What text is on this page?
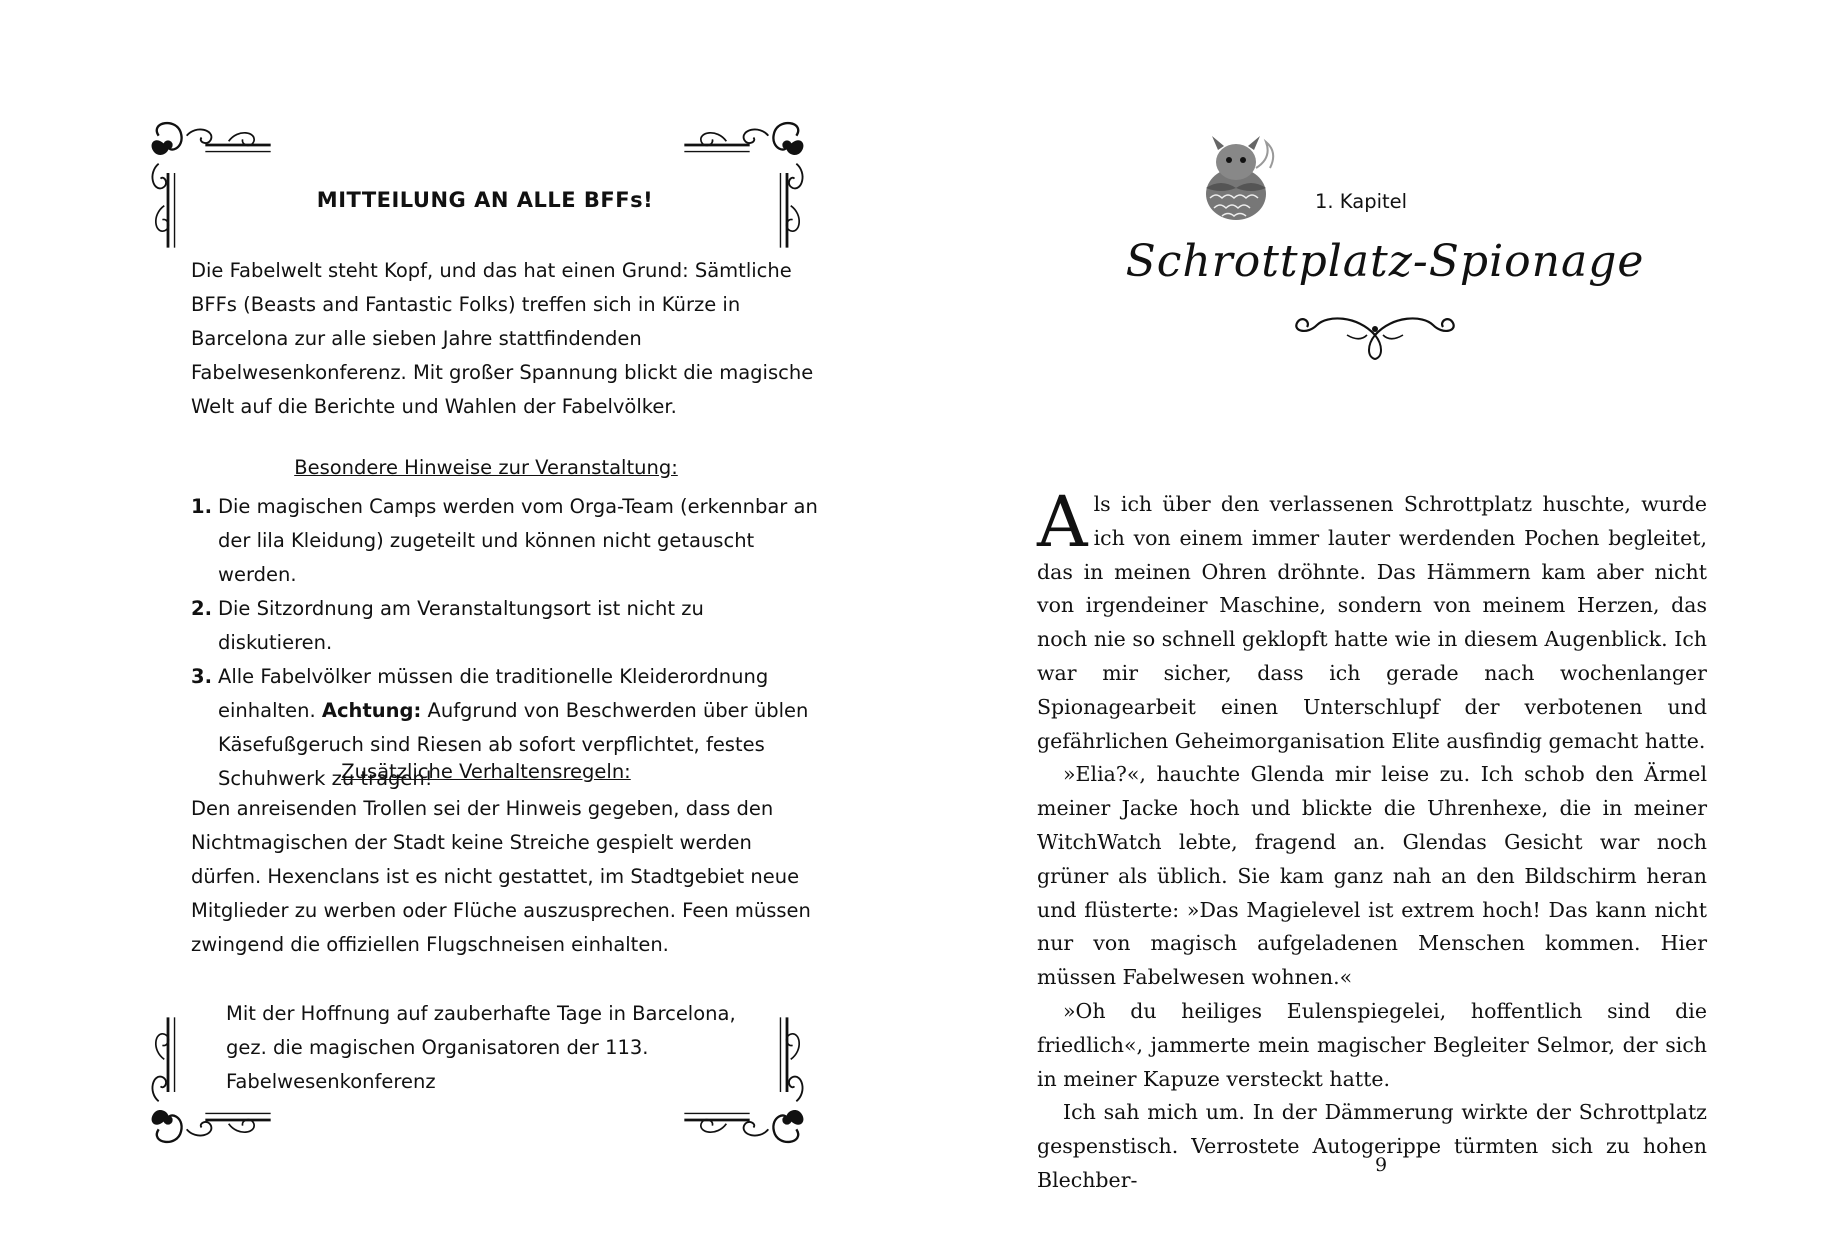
MITTEILUNG AN ALLE BFFs!

Die Fabelwelt steht Kopf, und das hat einen Grund: Sämtliche BFFs (Beasts and Fantastic Folks) treffen sich in Kürze in Barcelona zur alle sieben Jahre stattfindenden Fabelwesenkonferenz. Mit großer Spannung blickt die magische Welt auf die Berichte und Wahlen der Fabelvölker.

Besondere Hinweise zur Veranstaltung:
1. Die magischen Camps werden vom Orga-Team (erkennbar an der lila Kleidung) zugeteilt und können nicht getauscht werden.
2. Die Sitzordnung am Veranstaltungsort ist nicht zu diskutieren.
3. Alle Fabelvölker müssen die traditionelle Kleiderordnung einhalten. Achtung: Aufgrund von Beschwerden über üblen Käsefußgeruch sind Riesen ab sofort verpflichtet, festes Schuhwerk zu tragen!
Zusätzliche Verhaltensregeln:

Den anreisenden Trollen sei der Hinweis gegeben, dass den Nichtmagischen der Stadt keine Streiche gespielt werden dürfen. Hexenclans ist es nicht gestattet, im Stadtgebiet neue Mitglieder zu werben oder Flüche auszusprechen. Feen müssen zwingend die offiziellen Flugschneisen einhalten.

Mit der Hoffnung auf zauberhafte Tage in Barcelona, gez. die magischen Organisatoren der 113. Fabelwesenkonferenz
1. Kapitel
Schrottplatz-Spionage

Als ich über den verlassenen Schrottplatz huschte, wurde ich von einem immer lauter werdenden Pochen begleitet, das in meinen Ohren dröhnte. Das Hämmern kam aber nicht von irgendeiner Maschine, sondern von meinem Herzen, das noch nie so schnell geklopft hatte wie in diesem Augenblick. Ich war mir sicher, dass ich gerade nach wochenlanger Spionagearbeit einen Unterschlupf der verbotenen und gefährlichen Geheimorganisation Elite ausfindig gemacht hatte.

»Elia?«, hauchte Glenda mir leise zu. Ich schob den Ärmel meiner Jacke hoch und blickte die Uhrenhexe, die in meiner WitchWatch lebte, fragend an. Glendas Gesicht war noch grüner als üblich. Sie kam ganz nah an den Bildschirm heran und flüsterte: »Das Magielevel ist extrem hoch! Das kann nicht nur von magisch aufgeladenen Menschen kommen. Hier müssen Fabelwesen wohnen.«

»Oh du heiliges Eulenspiegelei, hoffentlich sind die friedlich«, jammerte mein magischer Begleiter Selmor, der sich in meiner Kapuze versteckt hatte.

Ich sah mich um. In der Dämmerung wirkte der Schrottplatz gespenstisch. Verrostete Autogerippe türmten sich zu hohen Blechber-

9
